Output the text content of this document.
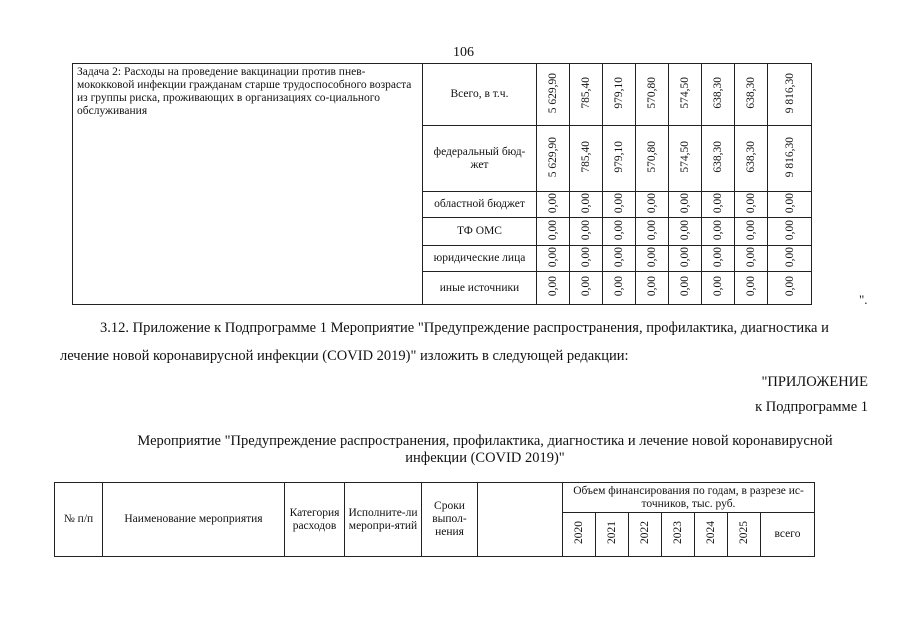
106
Задача 2: Расходы на проведение вакцинации против пнев-мококковой инфекции гражданам старше трудоспособного возраста из группы риска, проживающих в организациях со-циального обслуживания	Всего, в т.ч.	5 629,90	785,40	979,10	570,80	574,50	638,30	638,30	9 816,30
	федеральный бюд-жет	5 629,90	785,40	979,10	570,80	574,50	638,30	638,30	9 816,30
	областной бюджет	0,00	0,00	0,00	0,00	0,00	0,00	0,00	0,00
	ТФ ОМС	0,00	0,00	0,00	0,00	0,00	0,00	0,00	0,00
	юридические лица	0,00	0,00	0,00	0,00	0,00	0,00	0,00	0,00
	иные источники	0,00	0,00	0,00	0,00	0,00	0,00	0,00	0,00
".
3.12. Приложение к Подпрограмме 1 Мероприятие "Предупреждение распространения, профилактика, диагностика и
лечение новой коронавирусной инфекции (COVID 2019)" изложить в следующей редакции:
"ПРИЛОЖЕНИЕ
к Подпрограмме 1
Мероприятие "Предупреждение распространения, профилактика, диагностика и лечение новой коронавирусной
инфекции (COVID 2019)"
№ п/п	Наименование мероприятия	Категория расходов	Исполните-ли меропри-ятий	Сроки выпол-нения		Объем финансирования по годам, в разрезе ис-точников, тыс. руб.						
						2020	2021	2022	2023	2024	2025	всего
